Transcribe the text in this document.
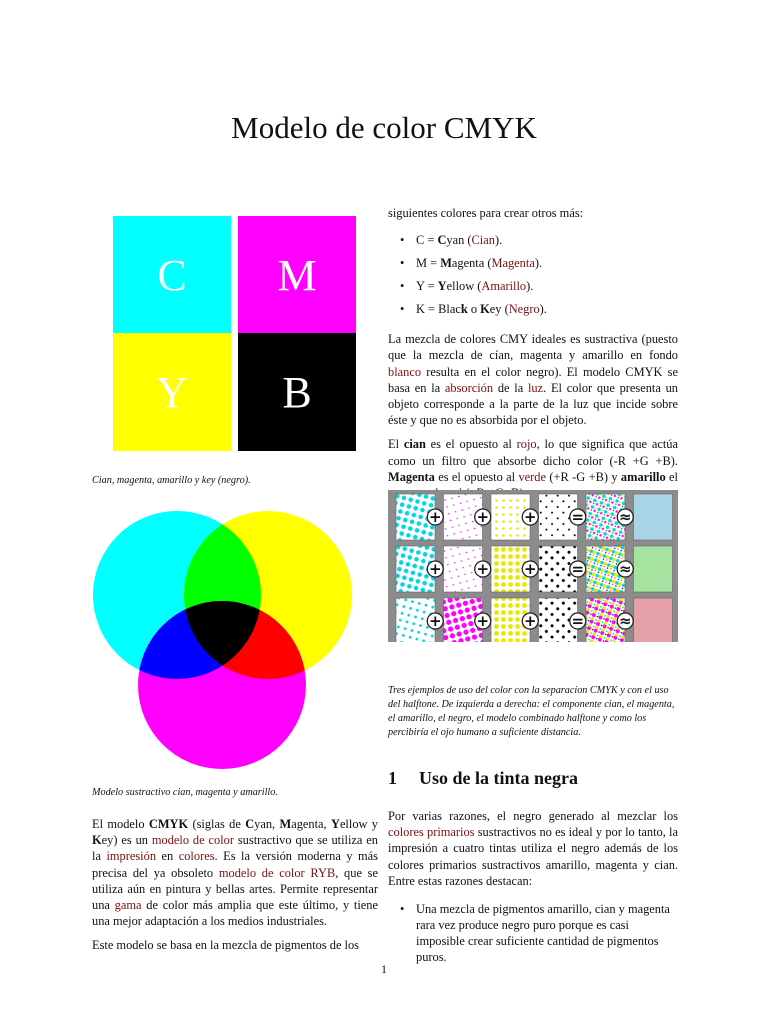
Modelo de color CMYK
C M
Y B

Cian, magenta, amarillo y key (negro).

Modelo sustractivo cian, magenta y amarillo.

El modelo CMYK (siglas de Cyan, Magenta, Yellow y Key) es un modelo de color sustractivo que se utiliza en la impresión en colores. Es la versión moderna y más precisa del ya obsoleto modelo de color RYB, que se utiliza aún en pintura y bellas artes. Permite representar una gama de color más amplia que este último, y tiene una mejor adaptación a los medios industriales.

Este modelo se basa en la mezcla de pigmentos de los

siguientes colores para crear otros más:

• C = Cyan (Cian).
• M = Magenta (Magenta).
• Y = Yellow (Amarillo).
• K = Black o Key (Negro).

La mezcla de colores CMY ideales es sustractiva (puesto que la mezcla de cían, magenta y amarillo en fondo blanco resulta en el color negro). El modelo CMYK se basa en la absorción de la luz. El color que presenta un objeto corresponde a la parte de la luz que incide sobre éste y que no es absorbida por el objeto.

El cian es el opuesto al rojo, lo que significa que actúa como un filtro que absorbe dicho color (-R +G +B). Magenta es el opuesto al verde (+R -G +B) y amarillo el

+ + + = ≈
+ + + = ≈
+ + + = ≈

Tres ejemplos de uso del color con la separacion CMYK y con el uso del halftone. De izquierda a derecha: el componente cian, el magenta, el amarillo, el negro, el modelo combinado halftone y como los percibiría el ojo humano a suficiente distancia.

1 Uso de la tinta negra

Por varias razones, el negro generado al mezclar los colores primarios sustractivos no es ideal y por lo tanto, la impresión a cuatro tintas utiliza el negro además de los colores primarios sustractivos amarillo, magenta y cian. Entre estas razones destacan:

• Una mezcla de pigmentos amarillo, cian y magenta rara vez produce negro puro porque es casi imposible crear suficiente cantidad de pigmentos puros.
1
